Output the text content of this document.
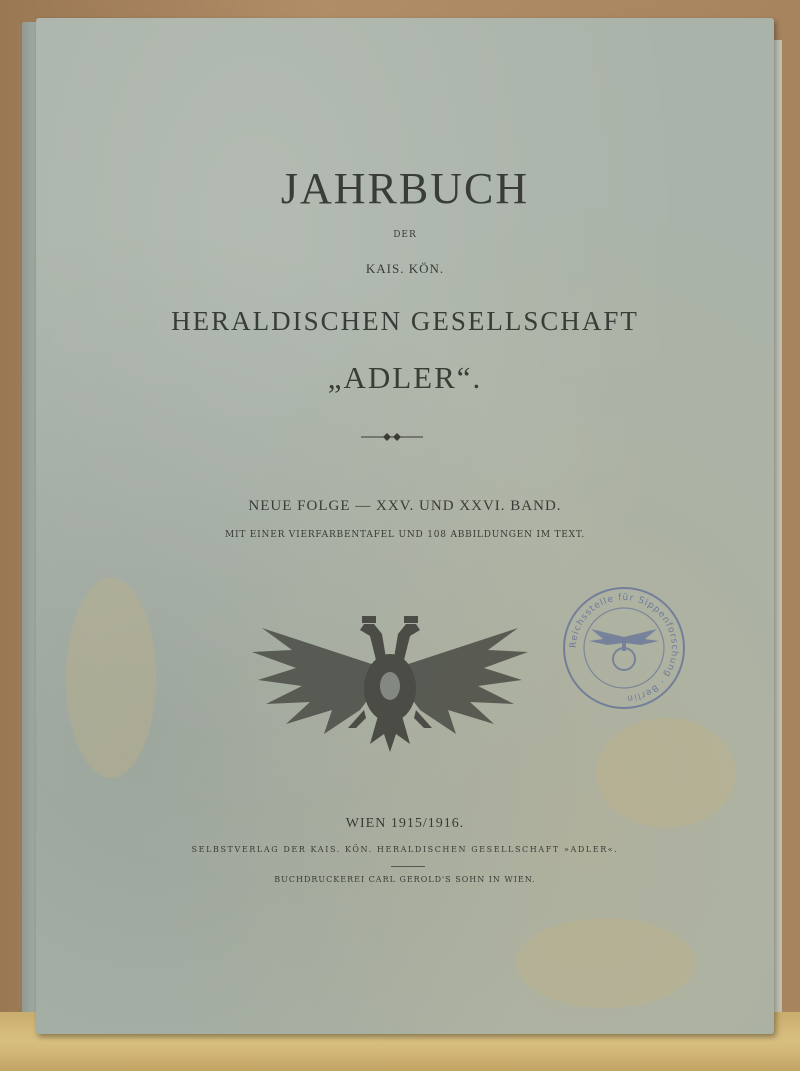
JAHRBUCH
DER
KAIS. KÖN.
HERALDISCHEN GESELLSCHAFT
„ADLER“.
NEUE FOLGE — XXV. UND XXVI. BAND.
MIT EINER VIERFARBENTAFEL UND 108 ABBILDUNGEN IM TEXT.
Reichsstelle für Sippenforschung · Berlin
WIEN 1915/1916.
SELBSTVERLAG DER KAIS. KÖN. HERALDISCHEN GESELLSCHAFT »ADLER«.
BUCHDRUCKEREI CARL GEROLD'S SOHN IN WIEN.
